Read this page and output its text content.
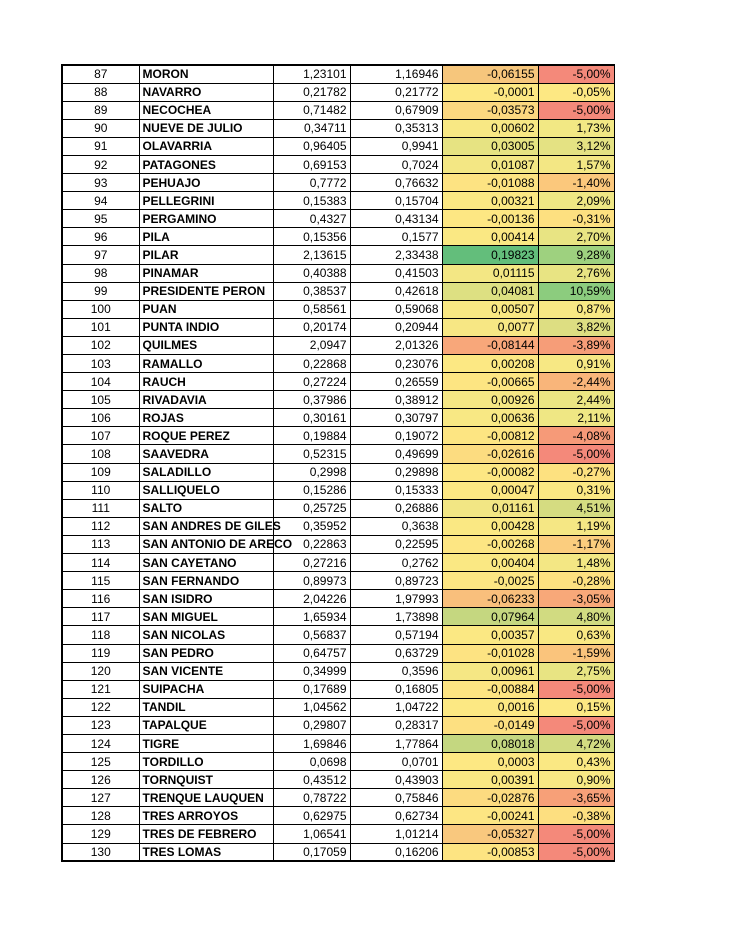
87	MORON	1,23101	1,16946	-0,06155	-5,00%
88	NAVARRO	0,21782	0,21772	-0,0001	-0,05%
89	NECOCHEA	0,71482	0,67909	-0,03573	-5,00%
90	NUEVE DE JULIO	0,34711	0,35313	0,00602	1,73%
91	OLAVARRIA	0,96405	0,9941	0,03005	3,12%
92	PATAGONES	0,69153	0,7024	0,01087	1,57%
93	PEHUAJO	0,7772	0,76632	-0,01088	-1,40%
94	PELLEGRINI	0,15383	0,15704	0,00321	2,09%
95	PERGAMINO	0,4327	0,43134	-0,00136	-0,31%
96	PILA	0,15356	0,1577	0,00414	2,70%
97	PILAR	2,13615	2,33438	0,19823	9,28%
98	PINAMAR	0,40388	0,41503	0,01115	2,76%
99	PRESIDENTE PERON	0,38537	0,42618	0,04081	10,59%
100	PUAN	0,58561	0,59068	0,00507	0,87%
101	PUNTA INDIO	0,20174	0,20944	0,0077	3,82%
102	QUILMES	2,0947	2,01326	-0,08144	-3,89%
103	RAMALLO	0,22868	0,23076	0,00208	0,91%
104	RAUCH	0,27224	0,26559	-0,00665	-2,44%
105	RIVADAVIA	0,37986	0,38912	0,00926	2,44%
106	ROJAS	0,30161	0,30797	0,00636	2,11%
107	ROQUE PEREZ	0,19884	0,19072	-0,00812	-4,08%
108	SAAVEDRA	0,52315	0,49699	-0,02616	-5,00%
109	SALADILLO	0,2998	0,29898	-0,00082	-0,27%
110	SALLIQUELO	0,15286	0,15333	0,00047	0,31%
111	SALTO	0,25725	0,26886	0,01161	4,51%
112	SAN ANDRES DE GILES	0,35952	0,3638	0,00428	1,19%
113	SAN ANTONIO DE ARECO	0,22863	0,22595	-0,00268	-1,17%
114	SAN CAYETANO	0,27216	0,2762	0,00404	1,48%
115	SAN FERNANDO	0,89973	0,89723	-0,0025	-0,28%
116	SAN ISIDRO	2,04226	1,97993	-0,06233	-3,05%
117	SAN MIGUEL	1,65934	1,73898	0,07964	4,80%
118	SAN NICOLAS	0,56837	0,57194	0,00357	0,63%
119	SAN PEDRO	0,64757	0,63729	-0,01028	-1,59%
120	SAN VICENTE	0,34999	0,3596	0,00961	2,75%
121	SUIPACHA	0,17689	0,16805	-0,00884	-5,00%
122	TANDIL	1,04562	1,04722	0,0016	0,15%
123	TAPALQUE	0,29807	0,28317	-0,0149	-5,00%
124	TIGRE	1,69846	1,77864	0,08018	4,72%
125	TORDILLO	0,0698	0,0701	0,0003	0,43%
126	TORNQUIST	0,43512	0,43903	0,00391	0,90%
127	TRENQUE LAUQUEN	0,78722	0,75846	-0,02876	-3,65%
128	TRES ARROYOS	0,62975	0,62734	-0,00241	-0,38%
129	TRES DE FEBRERO	1,06541	1,01214	-0,05327	-5,00%
130	TRES LOMAS	0,17059	0,16206	-0,00853	-5,00%
